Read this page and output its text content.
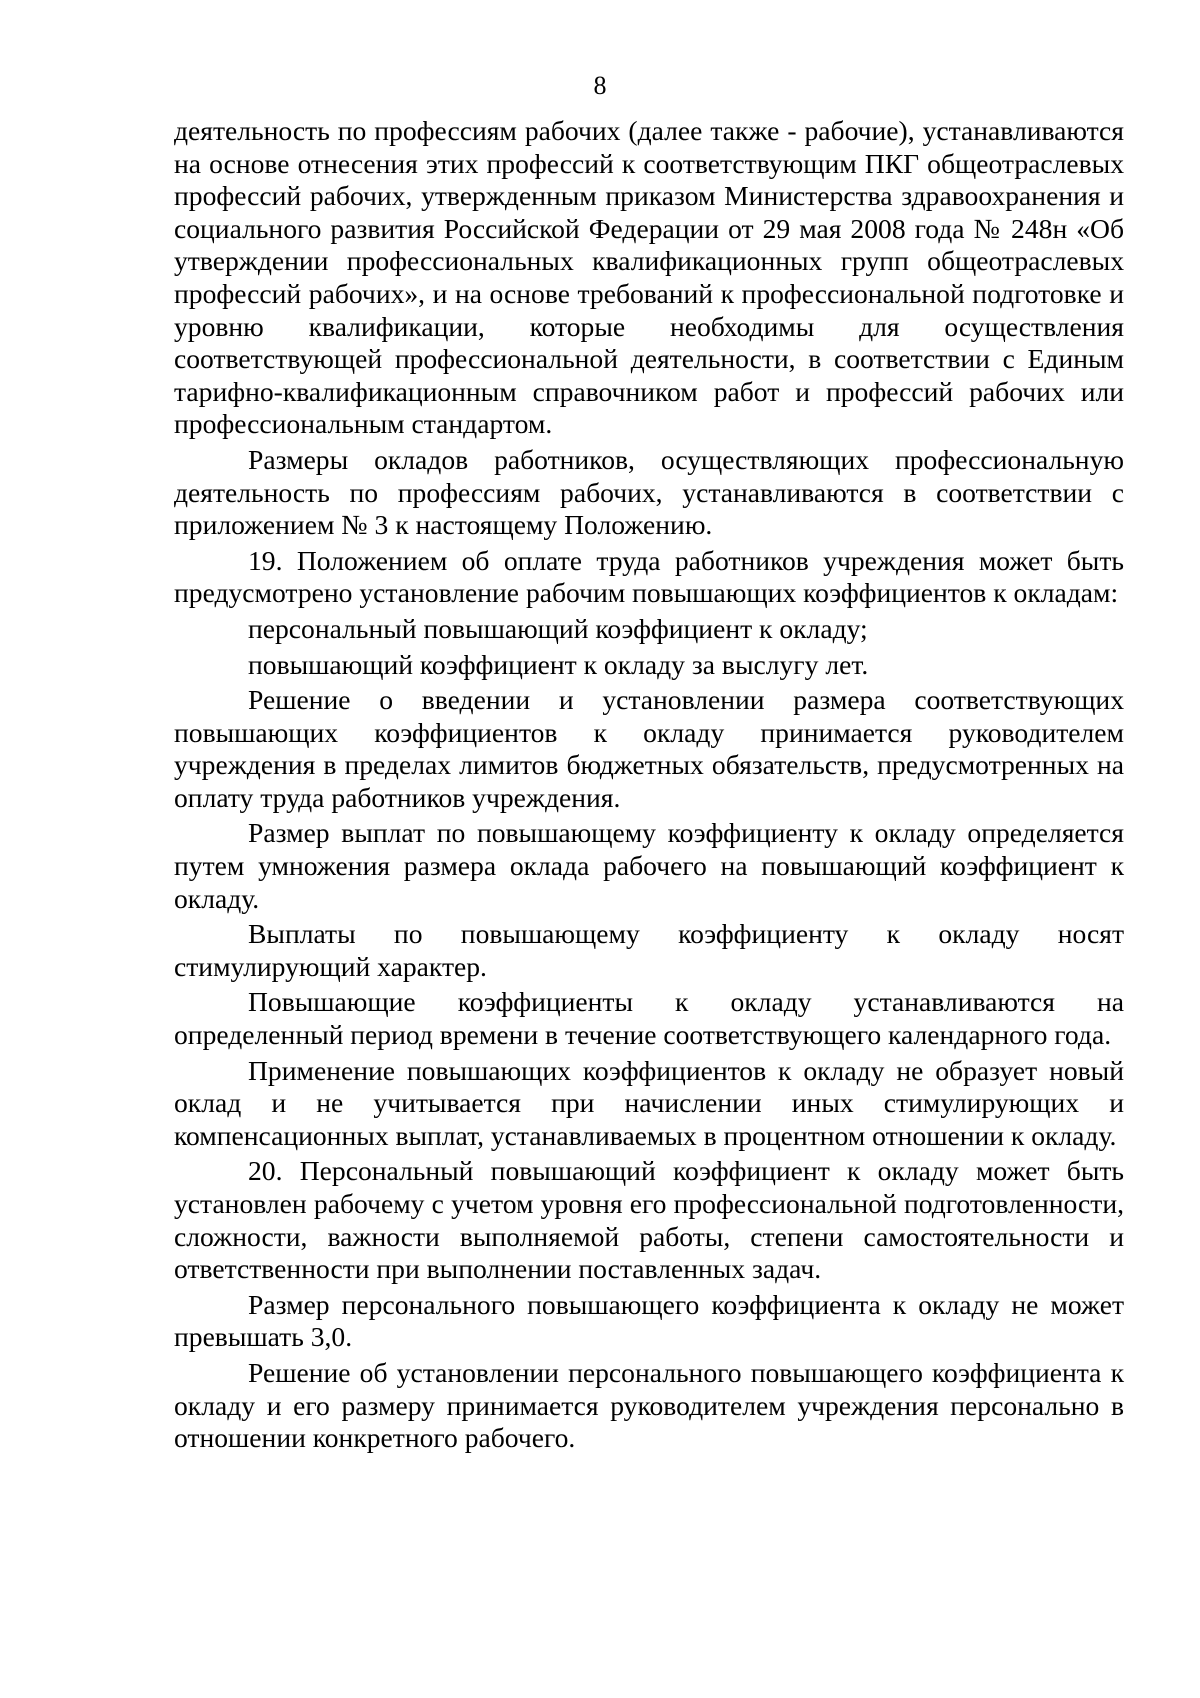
8

деятельность по профессиям рабочих (далее также - рабочие), устанавливаются на основе отнесения этих профессий к соответствующим ПКГ общеотраслевых профессий рабочих, утвержденным приказом Министерства здравоохранения и социального развития Российской Федерации от 29 мая 2008 года № 248н «Об утверждении профессиональных квалификационных групп общеотраслевых профессий рабочих», и на основе требований к профессиональной подготовке и уровню квалификации, которые необходимы для осуществления соответствующей профессиональной деятельности, в соответствии с Единым тарифно-квалификационным справочником работ и профессий рабочих или профессиональным стандартом.

Размеры окладов работников, осуществляющих профессиональную деятельность по профессиям рабочих, устанавливаются в соответствии с приложением № 3 к настоящему Положению.

19. Положением об оплате труда работников учреждения может быть предусмотрено установление рабочим повышающих коэффициентов к окладам:

персональный повышающий коэффициент к окладу;

повышающий коэффициент к окладу за выслугу лет.

Решение о введении и установлении размера соответствующих повышающих коэффициентов к окладу принимается руководителем учреждения в пределах лимитов бюджетных обязательств, предусмотренных на оплату труда работников учреждения.

Размер выплат по повышающему коэффициенту к окладу определяется путем умножения размера оклада рабочего на повышающий коэффициент к окладу.

Выплаты по повышающему коэффициенту к окладу носят стимулирующий характер.

Повышающие коэффициенты к окладу устанавливаются на определенный период времени в течение соответствующего календарного года.

Применение повышающих коэффициентов к окладу не образует новый оклад и не учитывается при начислении иных стимулирующих и компенсационных выплат, устанавливаемых в процентном отношении к окладу.

20. Персональный повышающий коэффициент к окладу может быть установлен рабочему с учетом уровня его профессиональной подготовленности, сложности, важности выполняемой работы, степени самостоятельности и ответственности при выполнении поставленных задач.

Размер персонального повышающего коэффициента к окладу не может превышать 3,0.

Решение об установлении персонального повышающего коэффициента к окладу и его размеру принимается руководителем учреждения персонально в отношении конкретного рабочего.
